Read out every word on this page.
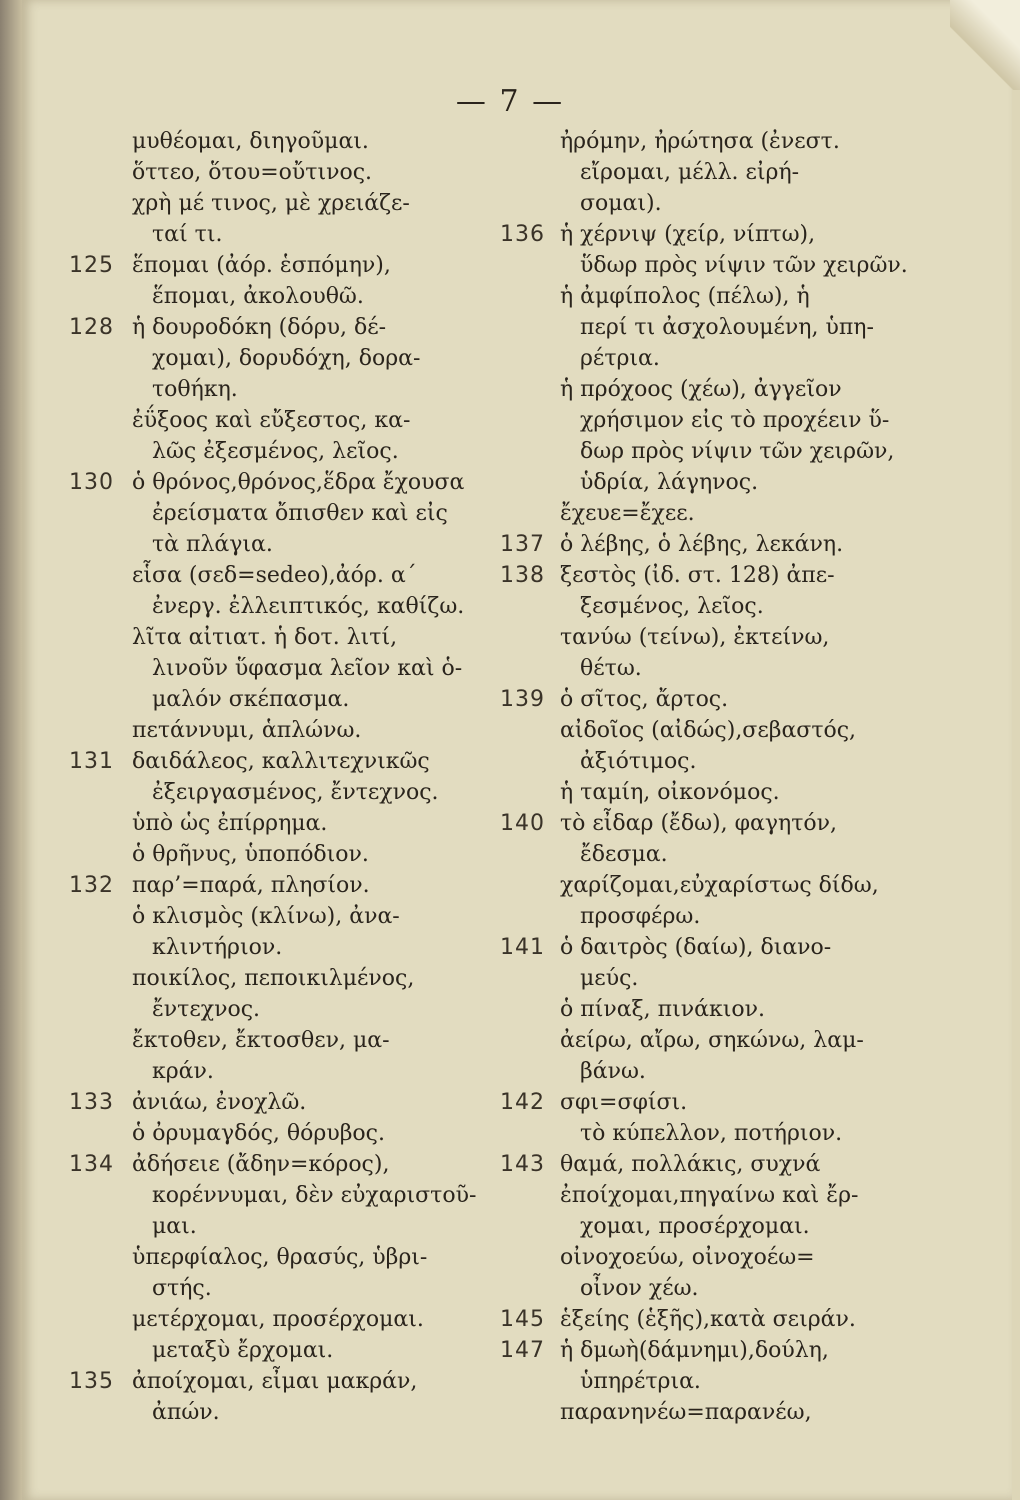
— 7 —
μυθέομαι, διηγοῦμαι.
ὅττεο, ὅτου=οὔτινος.
χρὴ μέ τινος, μὲ χρειάζε-
ταί τι.
125 ἕπομαι (ἀόρ. ἑσπόμην),
ἕπομαι, ἀκολουθῶ.
128 ἡ δουροδόκη (δόρυ, δέ-
χομαι), δορυδόχη, δορα-
τοθήκη.
ἐΰξοος καὶ εὔξεστος, κα-
λῶς ἐξεσμένος, λεῖος.
130 ὁ θρόνος,θρόνος,ἕδρα ἔχουσα
ἐρείσματα ὄπισθεν καὶ εἰς
τὰ πλάγια.
εἷσα (σεδ=sedeo),ἀόρ. α΄
ἐνεργ. ἐλλειπτικός, καθίζω.
λῖτα αἰτιατ. ἡ δοτ. λιτί,
λινοῦν ὕφασμα λεῖον καὶ ὁ-
μαλόν σκέπασμα.
πετάννυμι, ἁπλώνω.
131 δαιδάλεος, καλλιτεχνικῶς
ἐξειργασμένος, ἔντεχνος.
ὑπὸ ὡς ἐπίρρημα.
ὁ θρῆνυς, ὑποπόδιον.
132 παρ’=παρά, πλησίον.
ὁ κλισμὸς (κλίνω), ἀνα-
κλιντήριον.
ποικίλος, πεποικιλμένος,
ἔντεχνος.
ἔκτοθεν, ἔκτοσθεν, μα-
κράν.
133 ἀνιάω, ἐνοχλῶ.
ὁ ὀρυμαγδός, θόρυβος.
134 ἀδήσειε (ἄδην=κόρος),
κορέννυμαι, δὲν εὐχαριστοῦ-
μαι.
ὑπερφίαλος, θρασύς, ὑβρι-
στής.
μετέρχομαι, προσέρχομαι.
μεταξὺ ἔρχομαι.
135 ἀποίχομαι, εἶμαι μακράν,
ἀπών.
ἠρόμην, ἠρώτησα (ἐνεστ.
εἴρομαι, μέλλ. εἰρή-
σομαι).
136 ἡ χέρνιψ (χείρ, νίπτω),
ὕδωρ πρὸς νίψιν τῶν χειρῶν.
ἡ ἀμφίπολος (πέλω), ἡ
περί τι ἀσχολουμένη, ὑπη-
ρέτρια.
ἡ πρόχοος (χέω), ἀγγεῖον
χρήσιμον εἰς τὸ προχέειν ὕ-
δωρ πρὸς νίψιν τῶν χειρῶν,
ὑδρία, λάγηνος.
ἔχευε=ἔχεε.
137 ὁ λέβης, ὁ λέβης, λεκάνη.
138 ξεστὸς (ἰδ. στ. 128) ἀπε-
ξεσμένος, λεῖος.
τανύω (τείνω), ἐκτείνω,
θέτω.
139 ὁ σῖτος, ἄρτος.
αἰδοῖος (αἰδώς),σεβαστός,
ἀξιότιμος.
ἡ ταμίη, οἰκονόμος.
140 τὸ εἶδαρ (ἔδω), φαγητόν,
ἔδεσμα.
χαρίζομαι,εὐχαρίστως δίδω,
προσφέρω.
141 ὁ δαιτρὸς (δαίω), διανο-
μεύς.
ὁ πίναξ, πινάκιον.
ἀείρω, αἴρω, σηκώνω, λαμ-
βάνω.
142 σφι=σφίσι.
τὸ κύπελλον, ποτήριον.
143 θαμά, πολλάκις, συχνά
ἐποίχομαι,πηγαίνω καὶ ἔρ-
χομαι, προσέρχομαι.
οἰνοχοεύω, οἰνοχοέω=
οἶνον χέω.
145 ἑξείης (ἑξῆς),κατὰ σειράν.
147 ἡ δμωὴ(δάμνημι),δούλη,
ὑπηρέτρια.
παρανηνέω=παρανέω,
